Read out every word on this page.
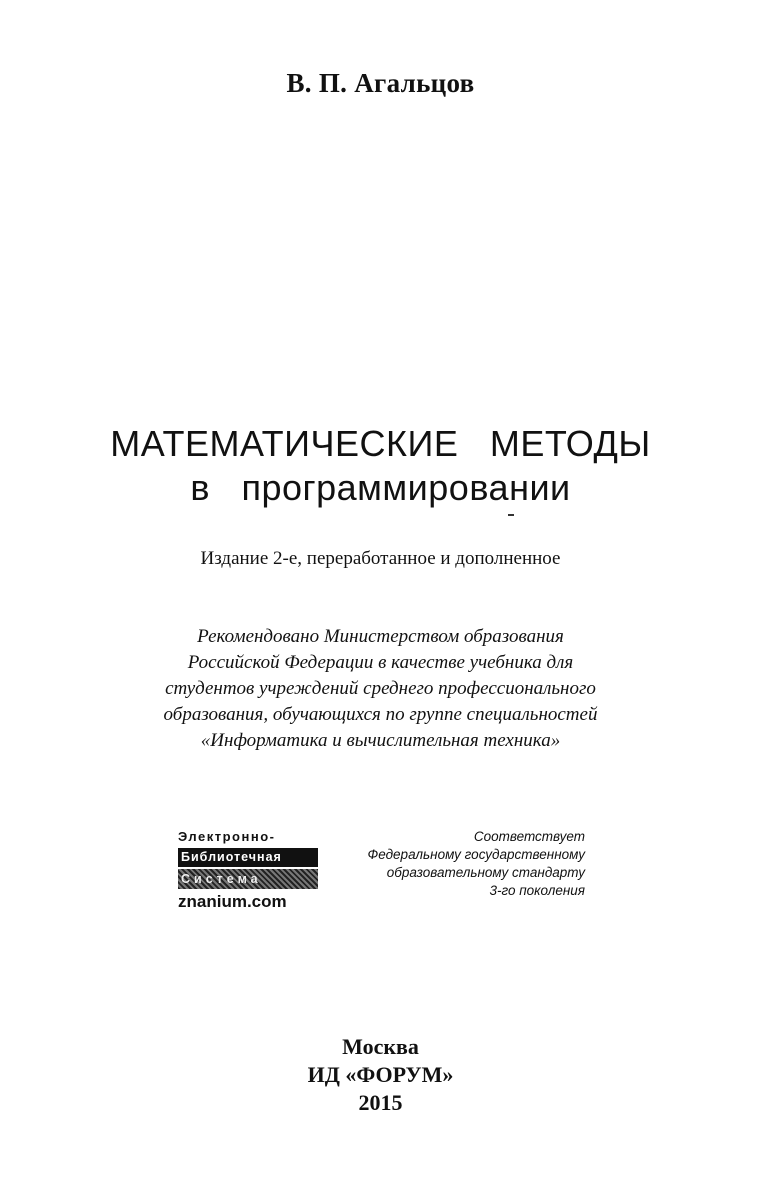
В. П. Агальцов
МАТЕМАТИЧЕСКИЕ   МЕТОДЫ
в   программировании
Издание 2-е, переработанное и дополненное
Рекомендовано Министерством образования
Российской Федерации в качестве учебника для
студентов учреждений среднего профессионального
образования, обучающихся по группе специальностей
«Информатика и вычислительная техника»
Электронно-
Библиотечная
Система
znanium.com
Соответствует
Федеральному государственному
образовательному стандарту
3-го поколения
Москва
ИД «ФОРУМ»
2015
